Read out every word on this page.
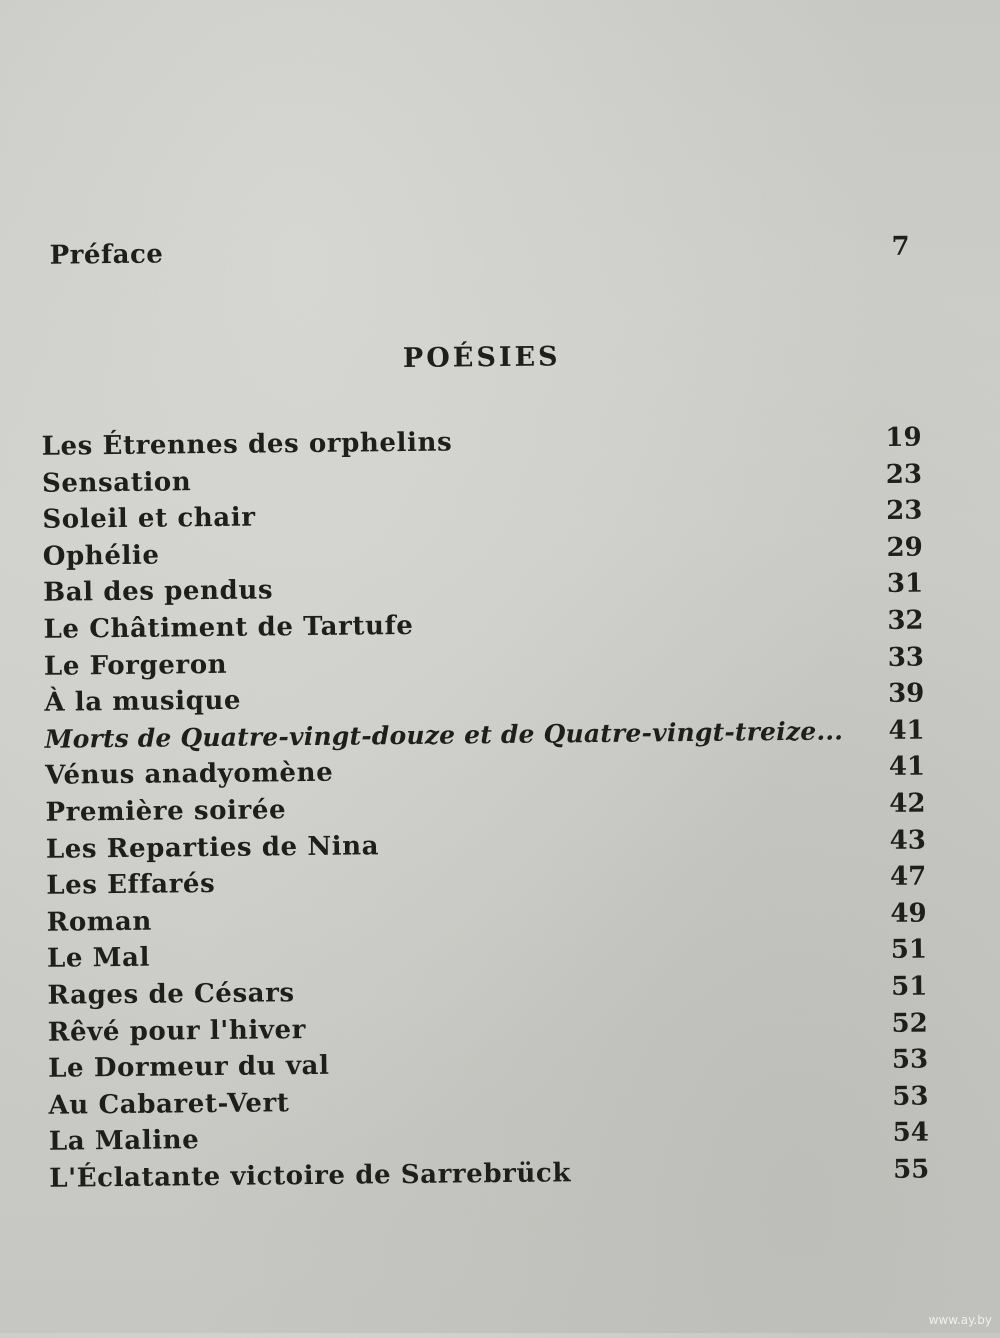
Préface	7
POÉSIES
Les Étrennes des orphelins	19
Sensation	23
Soleil et chair	23
Ophélie	29
Bal des pendus	31
Le Châtiment de Tartufe	32
Le Forgeron	33
À la musique	39
Morts de Quatre-vingt-douze et de Quatre-vingt-treize... 41
Vénus anadyomène	41
Première soirée	42
Les Reparties de Nina	43
Les Effarés	47
Roman	49
Le Mal	51
Rages de Césars	51
Rêvé pour l'hiver	52
Le Dormeur du val	53
Au Cabaret-Vert	53
La Maline	54
L'Éclatante victoire de Sarrebrück	55
www.ay.by
